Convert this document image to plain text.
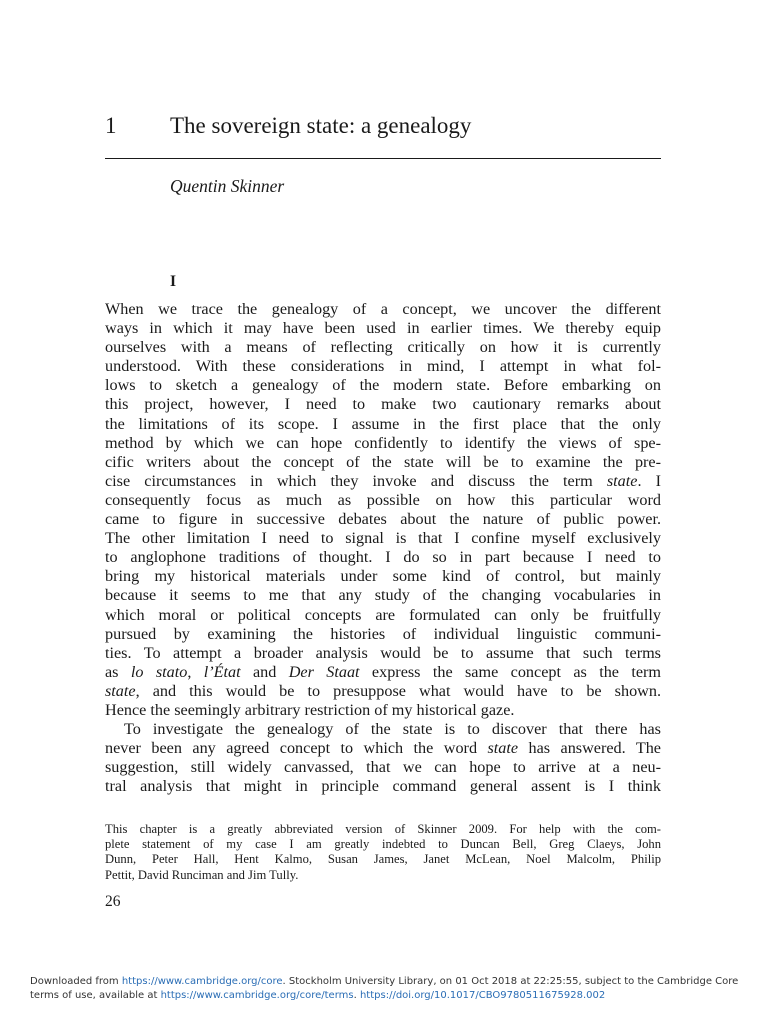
1 The sovereign state: a genealogy
Quentin Skinner
I
When we trace the genealogy of a concept, we uncover the different
ways in which it may have been used in earlier times. We thereby equip
ourselves with a means of reflecting critically on how it is currently
understood. With these considerations in mind, I attempt in what fol-
lows to sketch a genealogy of the modern state. Before embarking on
this project, however, I need to make two cautionary remarks about
the limitations of its scope. I assume in the first place that the only
method by which we can hope confidently to identify the views of spe-
cific writers about the concept of the state will be to examine the pre-
cise circumstances in which they invoke and discuss the term state. I
consequently focus as much as possible on how this particular word
came to figure in successive debates about the nature of public power.
The other limitation I need to signal is that I confine myself exclusively
to anglophone traditions of thought. I do so in part because I need to
bring my historical materials under some kind of control, but mainly
because it seems to me that any study of the changing vocabularies in
which moral or political concepts are formulated can only be fruitfully
pursued by examining the histories of individual linguistic communi-
ties. To attempt a broader analysis would be to assume that such terms
as lo stato, l’État and Der Staat express the same concept as the term
state, and this would be to presuppose what would have to be shown.
Hence the seemingly arbitrary restriction of my historical gaze.
To investigate the genealogy of the state is to discover that there has
never been any agreed concept to which the word state has answered. The
suggestion, still widely canvassed, that we can hope to arrive at a neu-
tral analysis that might in principle command general assent is I think
This chapter is a greatly abbreviated version of Skinner 2009. For help with the com-
plete statement of my case I am greatly indebted to Duncan Bell, Greg Claeys, John
Dunn, Peter Hall, Hent Kalmo, Susan James, Janet McLean, Noel Malcolm, Philip
Pettit, David Runciman and Jim Tully.
26
Downloaded from https://www.cambridge.org/core. Stockholm University Library, on 01 Oct 2018 at 22:25:55, subject to the Cambridge Core
terms of use, available at https://www.cambridge.org/core/terms. https://doi.org/10.1017/CBO9780511675928.002
